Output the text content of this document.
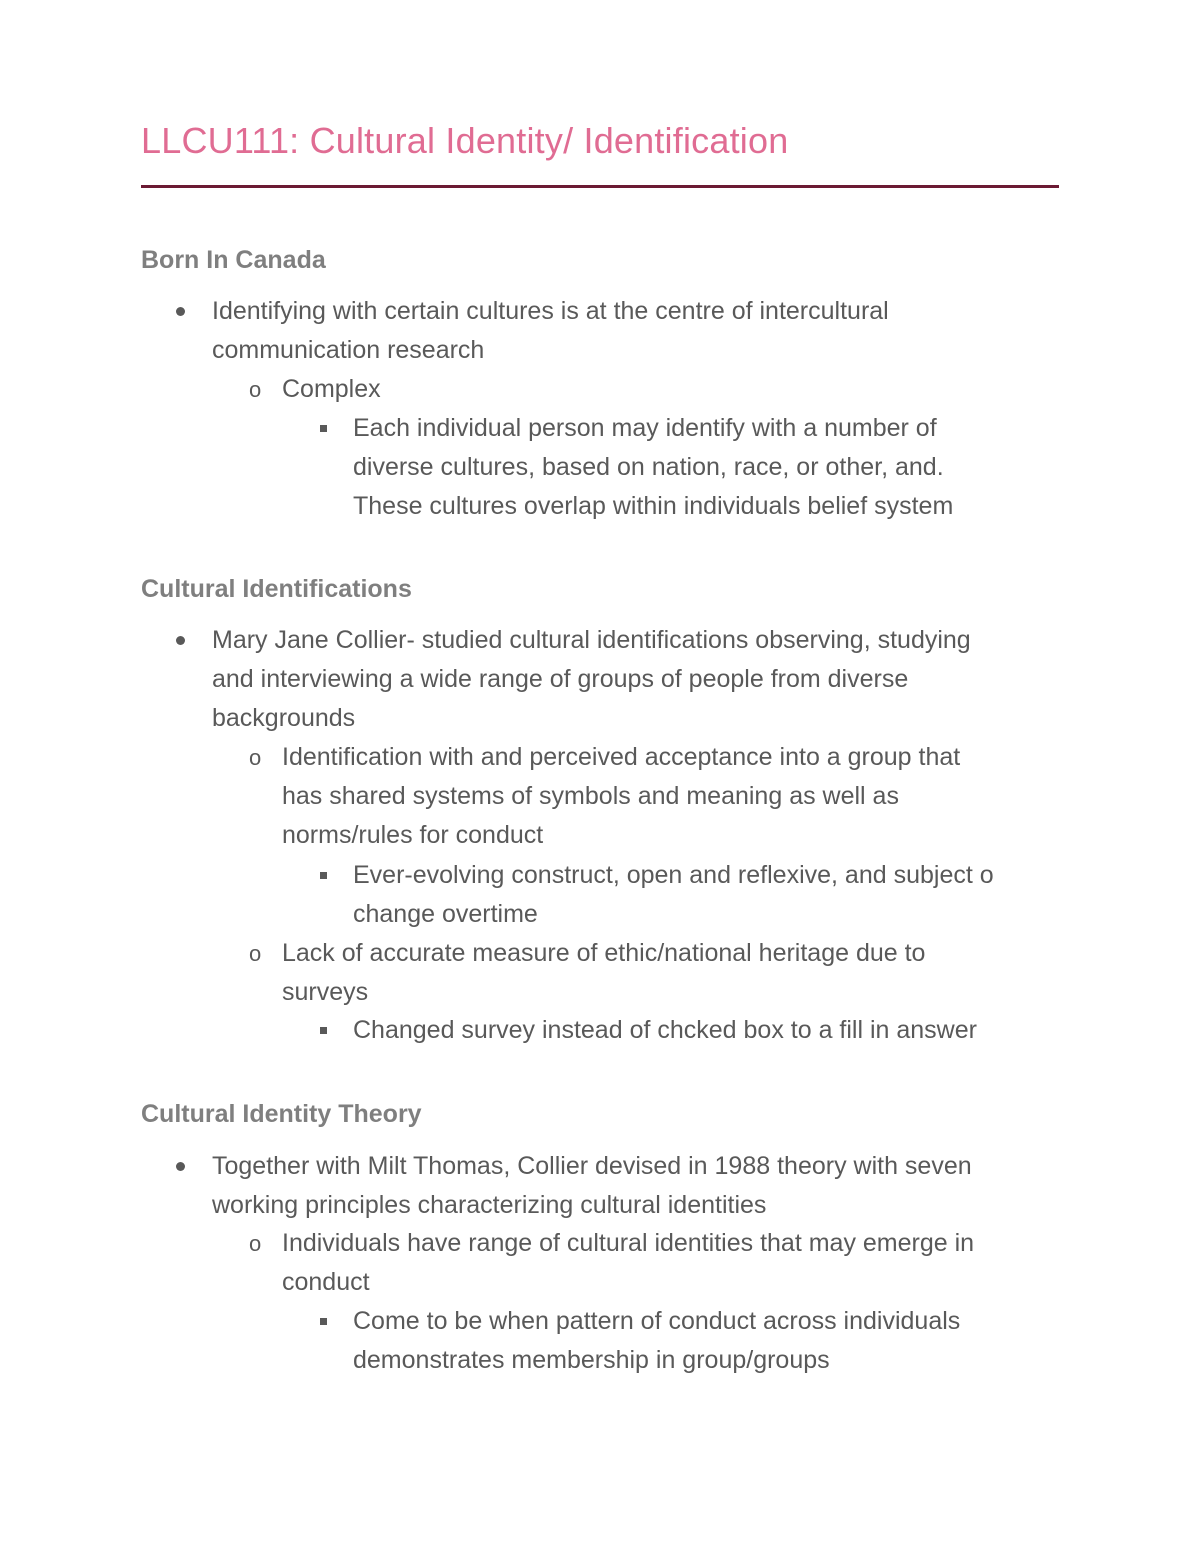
LLCU111: Cultural Identity/ Identification
Born In Canada
Identifying with certain cultures is at the centre of intercultural
communication research
o Complex
Each individual person may identify with a number of
diverse cultures, based on nation, race, or other, and.
These cultures overlap within individuals belief system
Cultural Identifications
Mary Jane Collier- studied cultural identifications observing, studying
and interviewing a wide range of groups of people from diverse
backgrounds
o Identification with and perceived acceptance into a group that
has shared systems of symbols and meaning as well as
norms/rules for conduct
Ever-evolving construct, open and reflexive, and subject o
change overtime
o Lack of accurate measure of ethic/national heritage due to
surveys
Changed survey instead of chcked box to a fill in answer
Cultural Identity Theory
Together with Milt Thomas, Collier devised in 1988 theory with seven
working principles characterizing cultural identities
o Individuals have range of cultural identities that may emerge in
conduct
Come to be when pattern of conduct across individuals
demonstrates membership in group/groups
